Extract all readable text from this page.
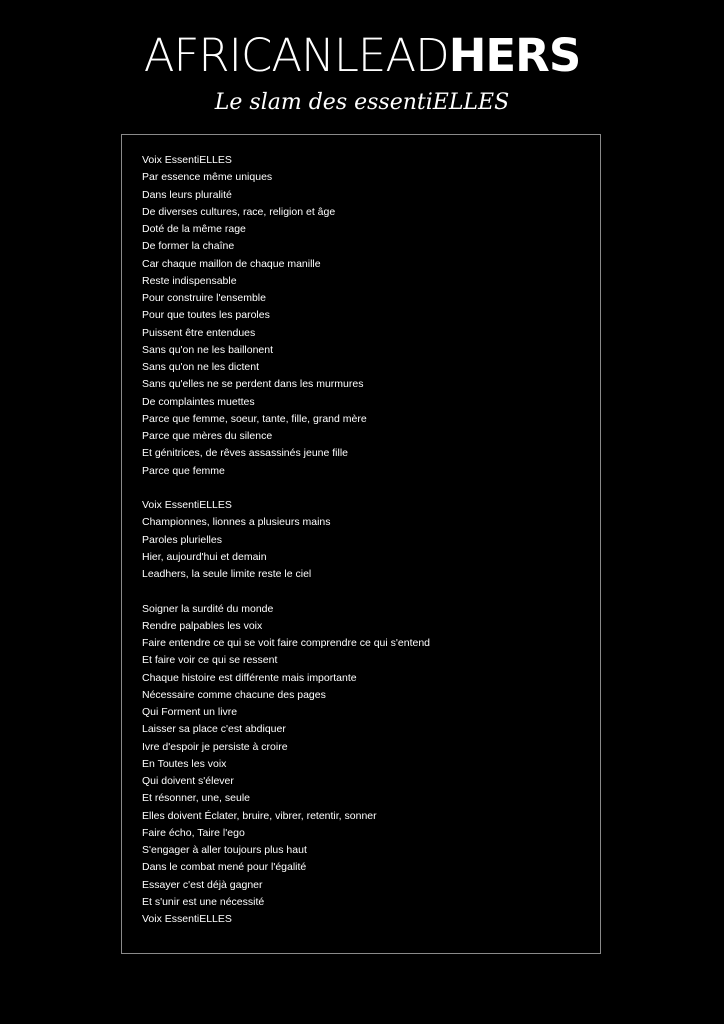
AFRICANLEADHERS
Le slam des essentiELLES
Voix EssentiELLES
Par essence même uniques
Dans leurs pluralité
De diverses cultures, race, religion et âge
Doté de la même rage
De former la chaîne
Car chaque maillon de chaque manille
Reste indispensable
Pour construire l'ensemble
Pour que toutes les paroles
Puissent être entendues
Sans qu'on ne les baillonent
Sans qu'on ne les dictent
Sans qu'elles ne se perdent dans les murmures
De complaintes muettes
Parce que femme, soeur, tante, fille, grand mère
Parce que mères du silence
Et génitrices, de rêves assassinés jeune fille
Parce que femme
Voix EssentiELLES
Championnes, lionnes a plusieurs mains
Paroles plurielles
Hier, aujourd'hui et demain
Leadhers, la seule limite reste le ciel
Soigner la surdité du monde
Rendre palpables les voix
Faire entendre ce qui se voit faire comprendre ce qui s'entend
Et faire voir ce qui se ressent
Chaque histoire est différente mais importante
Nécessaire comme chacune des pages
Qui Forment un livre
Laisser sa place c'est abdiquer
Ivre d'espoir je persiste à croire
En Toutes les voix
Qui doivent s'élever
Et résonner, une, seule
Elles doivent Éclater, bruire, vibrer, retentir, sonner
Faire écho, Taire l'ego
S'engager à aller toujours plus haut
Dans le combat mené pour l'égalité
Essayer c'est déjà gagner
Et s'unir est une nécessité
Voix EssentiELLES
